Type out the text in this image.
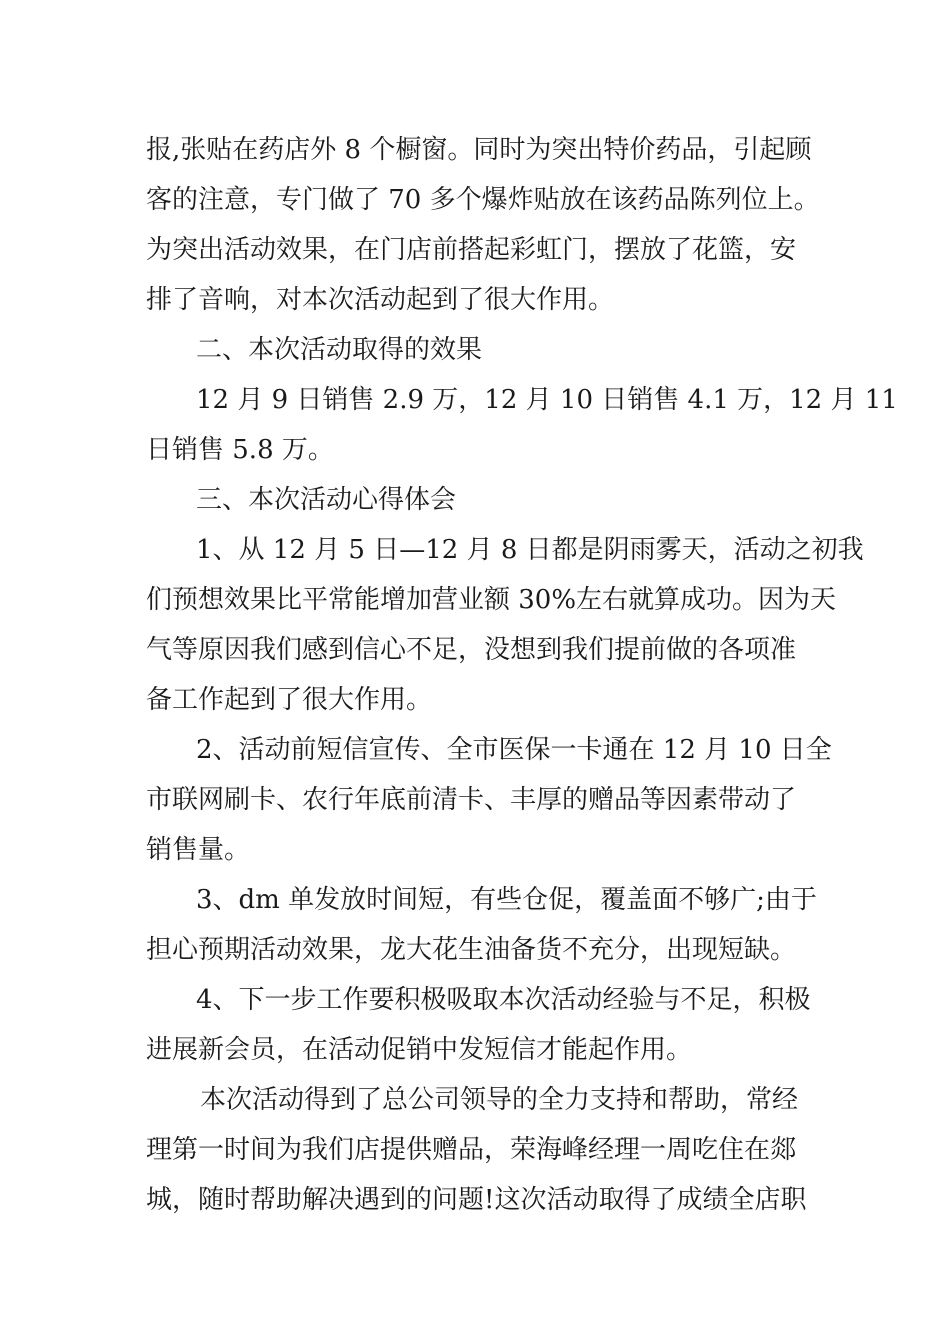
报,张贴在药店外 8 个橱窗。同时为突出特价药品，引起顾
客的注意，专门做了 70 多个爆炸贴放在该药品陈列位上。
为突出活动效果，在门店前搭起彩虹门，摆放了花篮，安
排了音响，对本次活动起到了很大作用。
二、本次活动取得的效果
12 月 9 日销售 2.9 万，12 月 10 日销售 4.1 万，12 月 11
日销售 5.8 万。
三、本次活动心得体会
1、从 12 月 5 日—12 月 8 日都是阴雨雾天，活动之初我
们预想效果比平常能增加营业额 30%左右就算成功。因为天
气等原因我们感到信心不足，没想到我们提前做的各项准
备工作起到了很大作用。
2、活动前短信宣传、全市医保一卡通在 12 月 10 日全
市联网刷卡、农行年底前清卡、丰厚的赠品等因素带动了
销售量。
3、dm 单发放时间短，有些仓促，覆盖面不够广;由于
担心预期活动效果，龙大花生油备货不充分，出现短缺。
4、下一步工作要积极吸取本次活动经验与不足，积极
进展新会员，在活动促销中发短信才能起作用。
本次活动得到了总公司领导的全力支持和帮助，常经
理第一时间为我们店提供赠品，荣海峰经理一周吃住在郯
城，随时帮助解决遇到的问题!这次活动取得了成绩全店职
